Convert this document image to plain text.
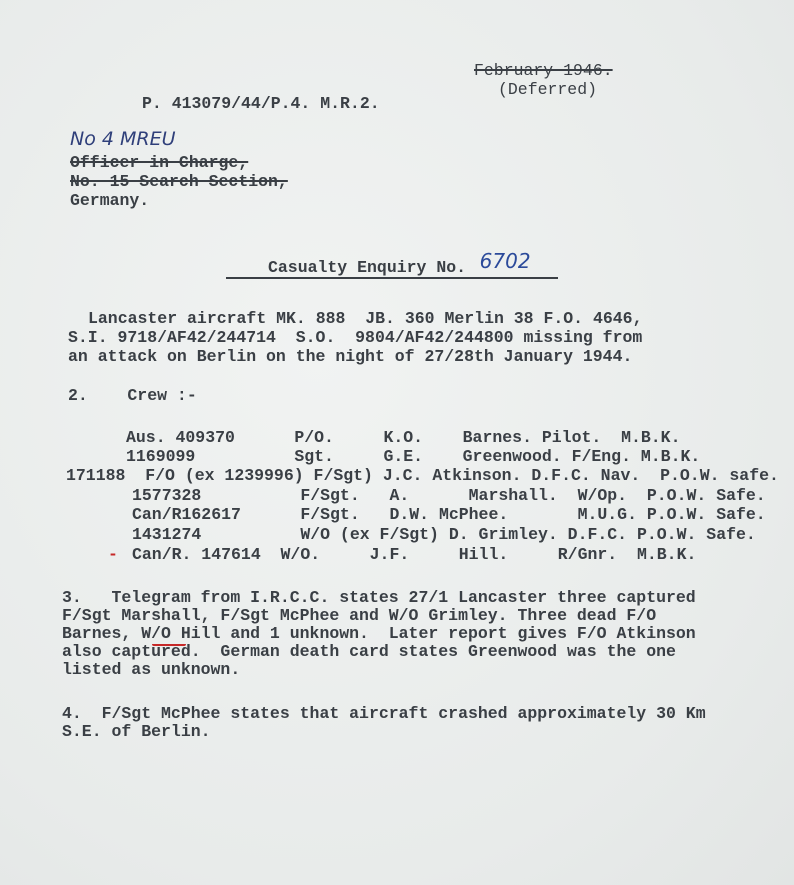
February 1946.
(Deferred)
P. 413079/44/P.4. M.R.2.
No 4 MREU
Officer in Charge,
No. 15 Search Section,
Germany.
Casualty Enquiry No. 6702
Lancaster aircraft MK. 888  JB. 360 Merlin 38 F.O. 4646,
S.I. 9718/AF42/244714  S.O.  9804/AF42/244800 missing from
an attack on Berlin on the night of 27/28th January 1944.
2.    Crew :-
Aus. 409370      P/O.     K.O.    Barnes. Pilot.  M.B.K.
1169099          Sgt.     G.E.    Greenwood. F/Eng. M.B.K.
171188  F/O (ex 1239996) F/Sgt) J.C. Atkinson. D.F.C. Nav.  P.O.W. safe.
1577328          F/Sgt.   A.      Marshall.  W/Op.  P.O.W. Safe.
Can/R162617      F/Sgt.   D.W. McPhee.       M.U.G. P.O.W. Safe.
1431274          W/O (ex F/Sgt) D. Grimley. D.F.C. P.O.W. Safe.
- Can/R. 147614  W/O.     J.F.     Hill.     R/Gnr.  M.B.K.
3.   Telegram from I.R.C.C. states 27/1 Lancaster three captured
F/Sgt Marshall, F/Sgt McPhee and W/O Grimley. Three dead F/O
Barnes, W/O Hill and 1 unknown.  Later report gives F/O Atkinson
also captured.  German death card states Greenwood was the one
listed as unknown.
4.  F/Sgt McPhee states that aircraft crashed approximately 30 Km
S.E. of Berlin.
